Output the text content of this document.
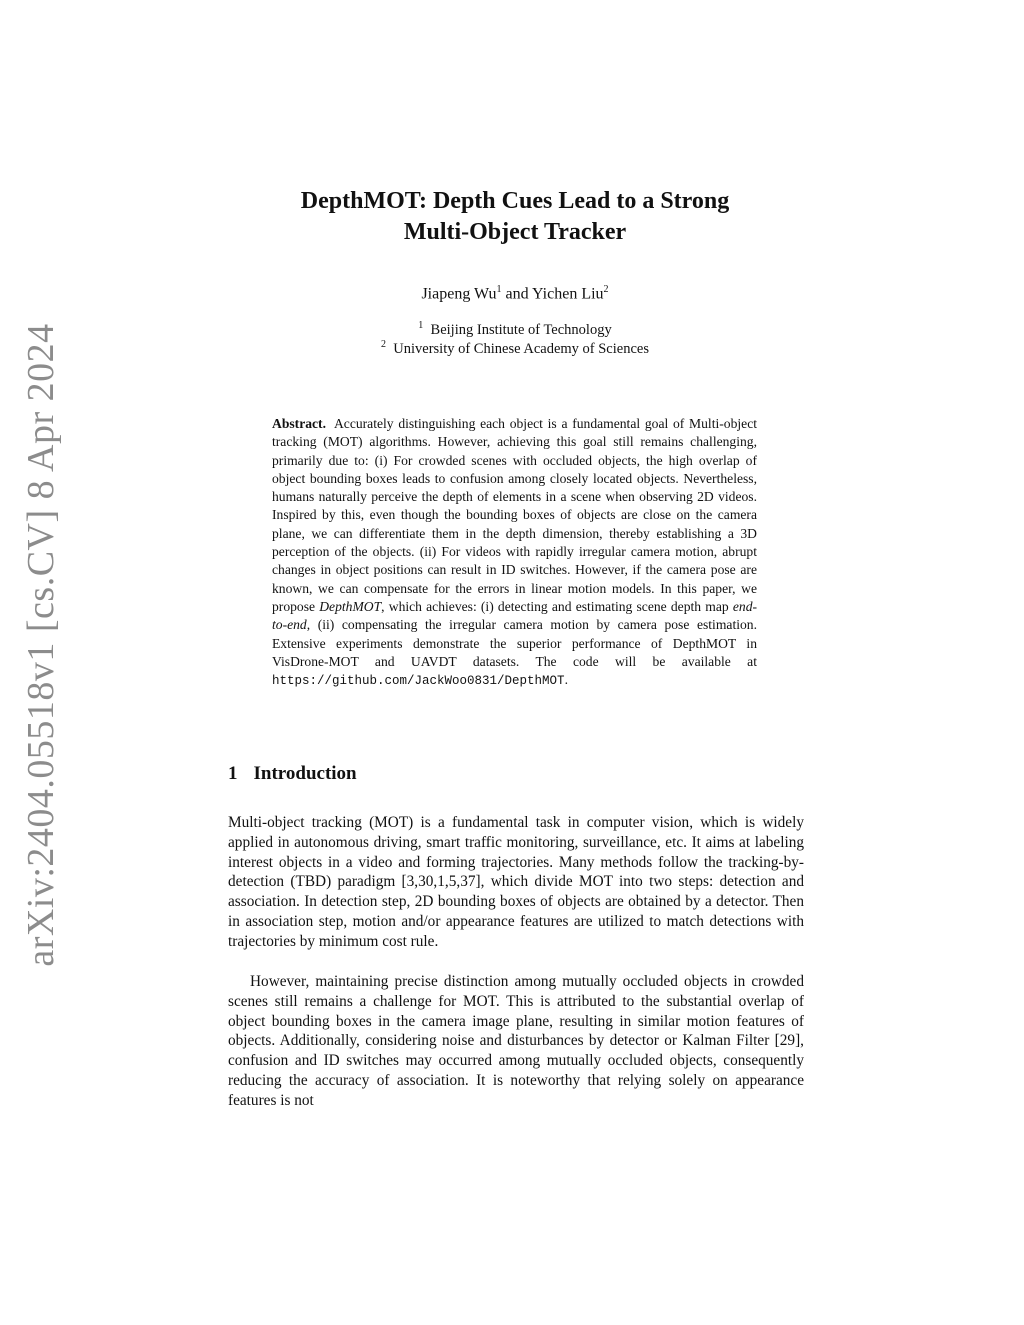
arXiv:2404.05518v1 [cs.CV] 8 Apr 2024
DepthMOT: Depth Cues Lead to a Strong
Multi-Object Tracker
Jiapeng Wu$^1$ and Yichen Liu$^2$
$^1$ Beijing Institute of Technology
$^2$ University of Chinese Academy of Sciences
Abstract. Accurately distinguishing each object is a fundamental goal of Multi-object tracking (MOT) algorithms. However, achieving this goal still remains challenging, primarily due to: (i) For crowded scenes with occluded objects, the high overlap of object bounding boxes leads to confusion among closely located objects. Nevertheless, humans naturally perceive the depth of elements in a scene when observing 2D videos. Inspired by this, even though the bounding boxes of objects are close on the camera plane, we can differentiate them in the depth dimension, thereby establishing a 3D perception of the objects. (ii) For videos with rapidly irregular camera motion, abrupt changes in object positions can result in ID switches. However, if the camera pose are known, we can compensate for the errors in linear motion models. In this paper, we propose DepthMOT, which achieves: (i) detecting and estimating scene depth map end-to-end, (ii) compensating the irregular camera motion by camera pose estimation. Extensive experiments demonstrate the superior performance of DepthMOT in VisDrone-MOT and UAVDT datasets. The code will be available at https://github.com/JackWoo0831/DepthMOT.
1 Introduction
Multi-object tracking (MOT) is a fundamental task in computer vision, which is widely applied in autonomous driving, smart traffic monitoring, surveillance, etc. It aims at labeling interest objects in a video and forming trajectories. Many methods follow the tracking-by-detection (TBD) paradigm [3,30,1,5,37], which divide MOT into two steps: detection and association. In detection step, 2D bounding boxes of objects are obtained by a detector. Then in association step, motion and/or appearance features are utilized to match detections with trajectories by minimum cost rule.
However, maintaining precise distinction among mutually occluded objects in crowded scenes still remains a challenge for MOT. This is attributed to the substantial overlap of object bounding boxes in the camera image plane, resulting in similar motion features of objects. Additionally, considering noise and disturbances by detector or Kalman Filter [29], confusion and ID switches may occurred among mutually occluded objects, consequently reducing the accuracy of association. It is noteworthy that relying solely on appearance features is not
